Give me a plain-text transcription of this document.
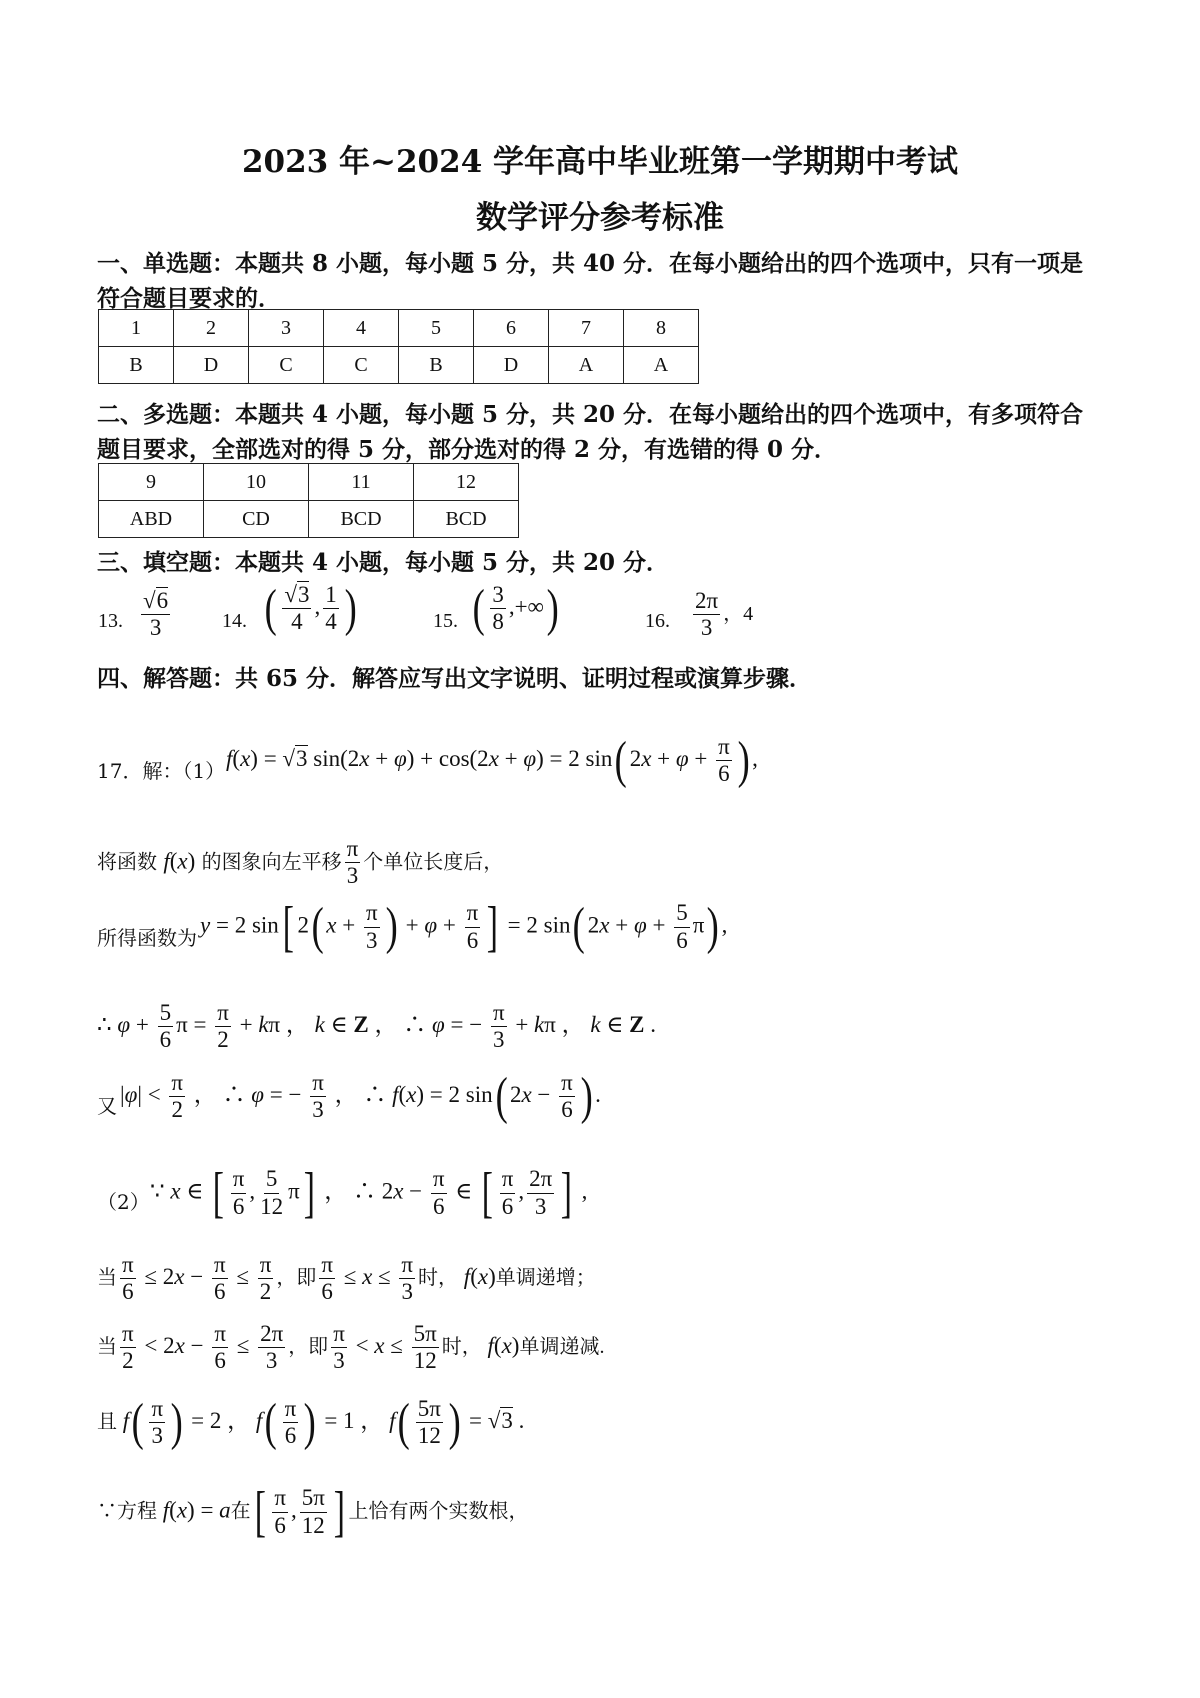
2023 年~2024 学年高中毕业班第一学期期中考试
数学评分参考标准
一、单选题：本题共 8 小题，每小题 5 分，共 40 分．在每小题给出的四个选项中，只有一项是
符合题目要求的．
1	2	3	4	5	6	7	8
B	D	C	C	B	D	A	A
二、多选题：本题共 4 小题，每小题 5 分，共 20 分．在每小题给出的四个选项中，有多项符合
题目要求，全部选对的得 5 分，部分选对的得 2 分，有选错的得 0 分．
9	10	11	12
ABD	CD	BCD	BCD
三、填空题：本题共 4 小题，每小题 5 分，共 20 分．
13. $\frac{√6}{3}$	14. ( $\frac{√3}{4}$ , $\frac{1}{4}$ )	15. ( $\frac{3}{8}$ ,+∞)	16. $\frac{2\pi}{3}$ ，4
四、解答题：共 65 分．解答应写出文字说明、证明过程或演算步骤．
17．解：（1） f(x) = √3 sin(2x + φ) + cos(2x + φ) = 2 sin( $2x + \varphi + \frac{\pi}{6}$ ) ,
将函数 f(x) 的图象向左平移 $\frac{\pi}{3}$ 个单位长度后，
所得函数为
y = 2 sin[ 2( $x + \frac{\pi}{3}$ ) + $\varphi + \frac{\pi}{6}$ ] = 2 sin( $2x + \varphi + \frac{5}{6} \pi$) ,
∴ $\varphi + \frac{5}{6}$ $\pi = \frac{\pi}{2} + k\pi$ ， k ∈ Z ， ∴ φ = − $\frac{\pi}{3} + k\pi$ ， k ∈ Z .
又 $|\varphi| < \frac{\pi}{2}$ ， ∴ φ = − $\frac{\pi}{3}$ ， ∴ f(x) = 2 sin( $2x - \frac{\pi}{6}$ ) .
（2） ∵ x ∈ [ $\frac{\pi}{6}$ , $\frac{5}{12} \pi$] ， ∴ $2x - \frac{\pi}{6}$ ∈ [ $\frac{\pi}{6}$ , $\frac{2\pi}{3}$ ] ,
当 $\frac{\pi}{6} \le 2x - \frac{\pi}{6} \le \frac{\pi}{2}$ ，即 $\frac{\pi}{6} \le x \le \frac{\pi}{3}$ 时， f(x)单调递增；
当 $\frac{\pi}{2} < 2x - \frac{\pi}{6} \le \frac{2\pi}{3}$ ，即 $\frac{\pi}{3} < x \le \frac{5\pi}{12}$ 时， f(x)单调递减.
且 $f( \frac{\pi}{3}$ ) = 2 ， $f( \frac{\pi}{6}$ ) = 1 ， $f( \frac{5\pi}{12}$ ) = √3 .
∵方程 f(x) = a在[ $\frac{\pi}{6}$ , $\frac{5\pi}{12}$ ] 上恰有两个实数根，
